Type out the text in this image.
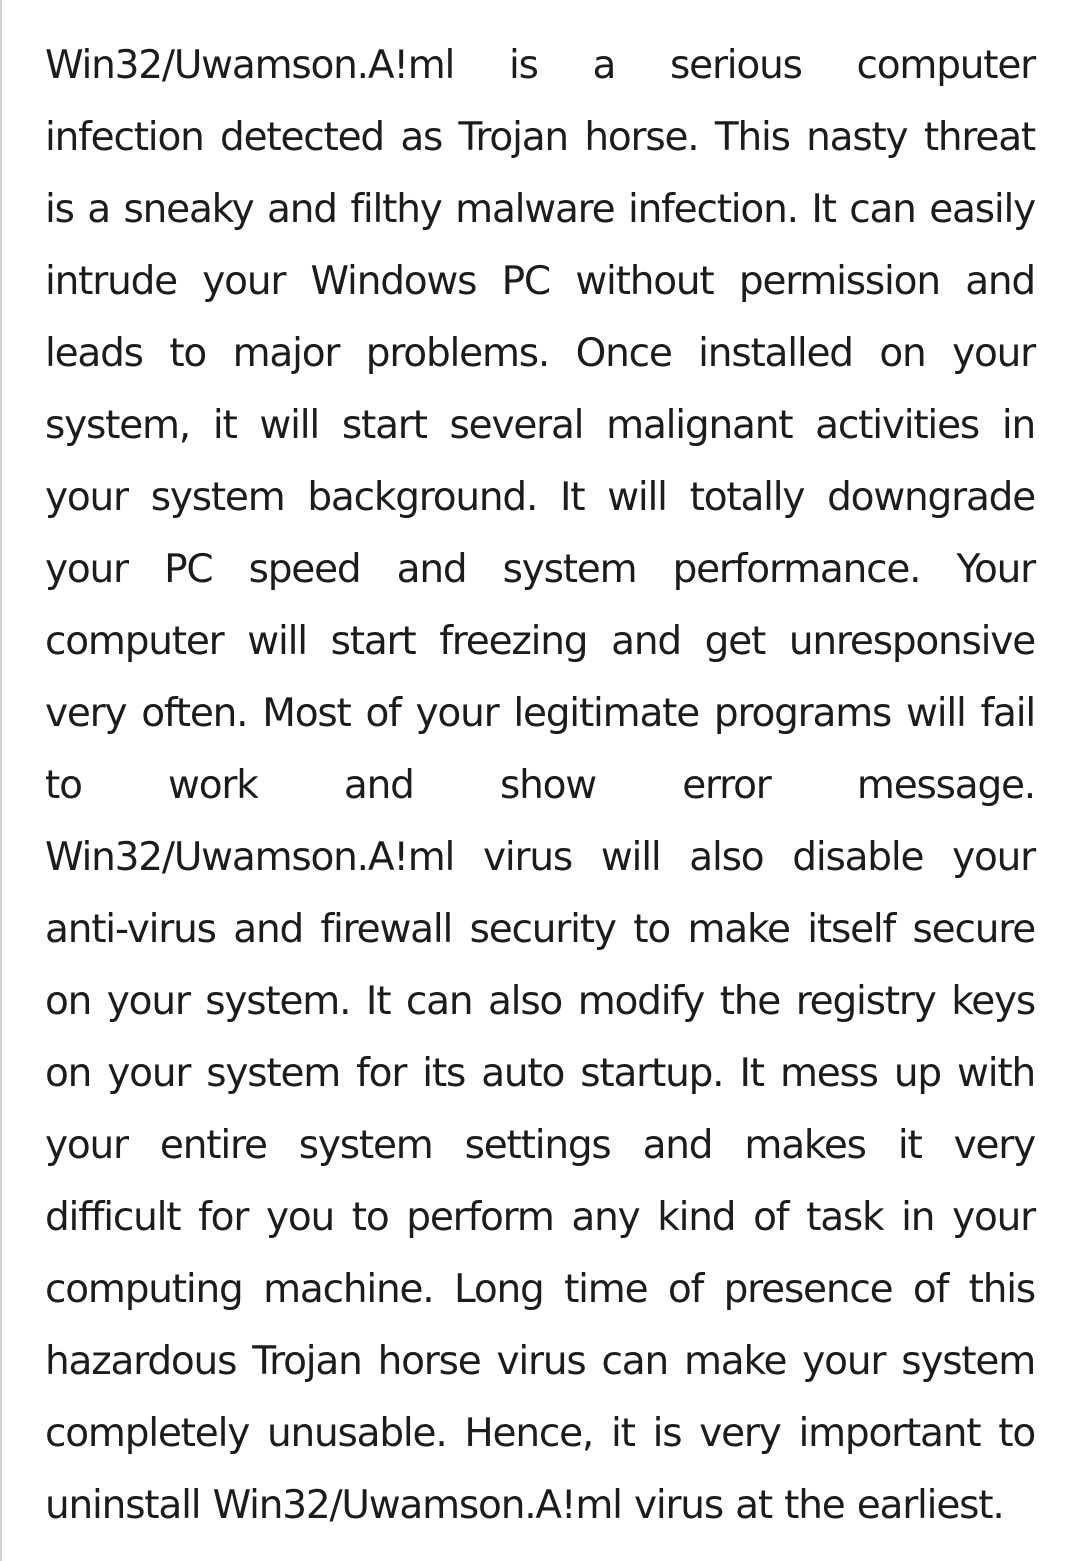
Win32/Uwamson.A!ml is a serious computer
infection detected as Trojan horse. This nasty threat
is a sneaky and filthy malware infection. It can easily
intrude your Windows PC without permission and
leads to major problems. Once installed on your
system, it will start several malignant activities in
your system background. It will totally downgrade
your PC speed and system performance. Your
computer will start freezing and get unresponsive
very often. Most of your legitimate programs will fail
to work and show error message.
Win32/Uwamson.A!ml virus will also disable your
anti-virus and firewall security to make itself secure
on your system. It can also modify the registry keys
on your system for its auto startup. It mess up with
your entire system settings and makes it very
difficult for you to perform any kind of task in your
computing machine. Long time of presence of this
hazardous Trojan horse virus can make your system
completely unusable. Hence, it is very important to
uninstall Win32/Uwamson.A!ml virus at the earliest.
